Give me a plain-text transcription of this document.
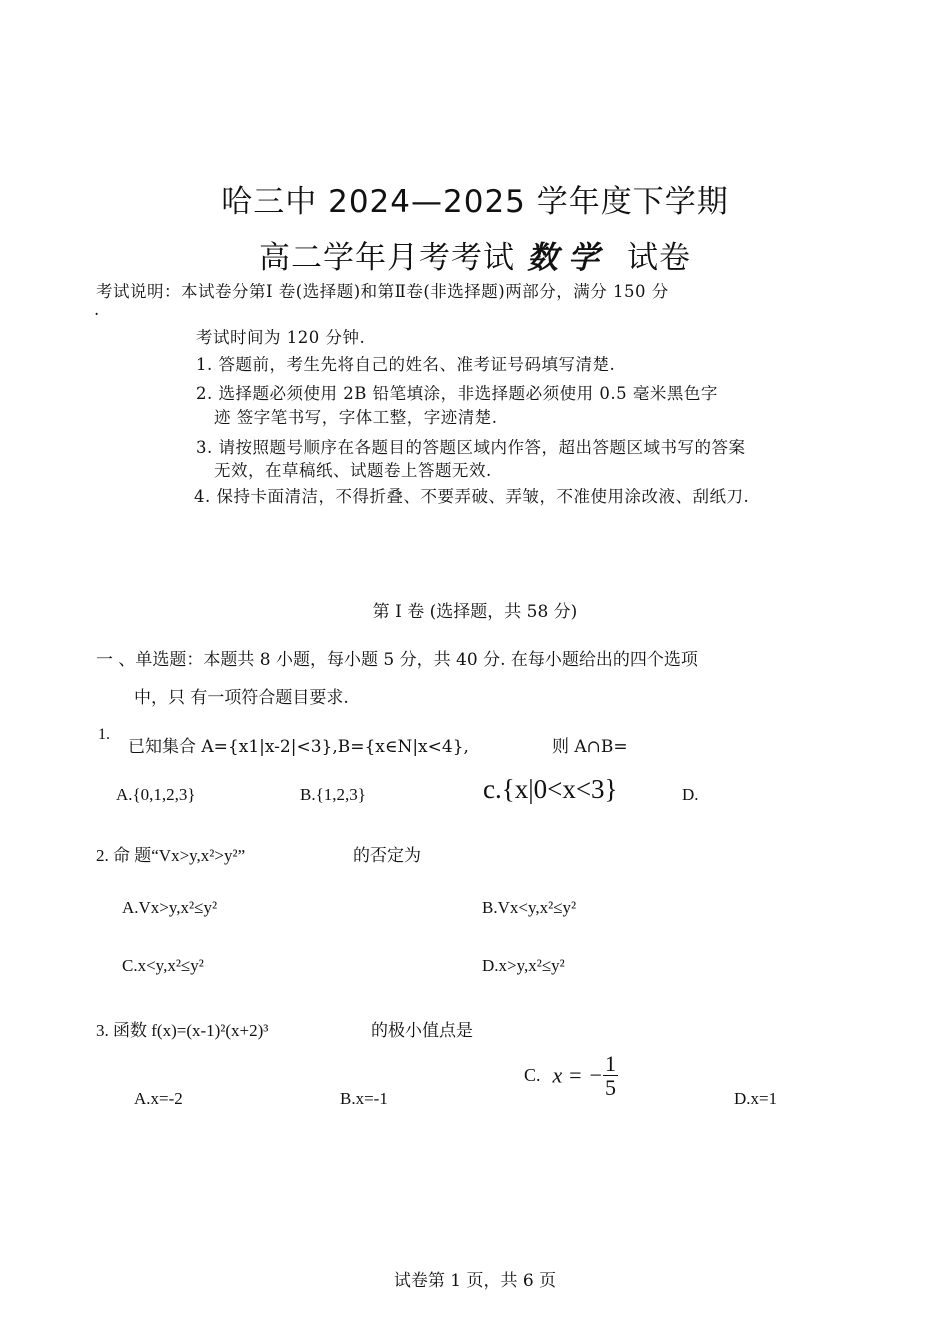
哈三中 2024—2025 学年度下学期
高二学年月考考试 数学 试卷
考试说明：本试卷分第Ⅰ 卷(选择题)和第Ⅱ卷(非选择题)两部分，满分 150 分
.
考试时间为 120 分钟.
1. 答题前，考生先将自己的姓名、准考证号码填写清楚.
2. 选择题必须使用 2B 铅笔填涂，非选择题必须使用 0.5 毫米黑色字
迹 签字笔书写，字体工整，字迹清楚.
3. 请按照题号顺序在各题目的答题区域内作答，超出答题区域书写的答案
无效，在草稿纸、试题卷上答题无效.
4. 保持卡面清洁，不得折叠、不要弄破、弄皱，不准使用涂改液、刮纸刀.
第 Ⅰ 卷 (选择题，共 58 分)
一 、单选题：本题共 8 小题，每小题 5 分，共 40 分. 在每小题给出的四个选项
中，只 有一项符合题目要求.
1.
已知集合 A={x1|x-2|<3},B={x∈N|x<4},	则 A∩B=
A.{0,1,2,3}	B.{1,2,3}	c.{x|0<x<3}	D.
2. 命 题“Vx>y,x²>y²”	的否定为
A.Vx>y,x²≤y²	B.Vx<y,x²≤y²
C.x<y,x²≤y²	D.x>y,x²≤y²
3. 函数 f(x)=(x-1)²(x+2)³	的极小值点是
A.x=-2	B.x=-1
C. x = − $\frac{1}{5}$	D.x=1
试卷第 1 页，共 6 页
